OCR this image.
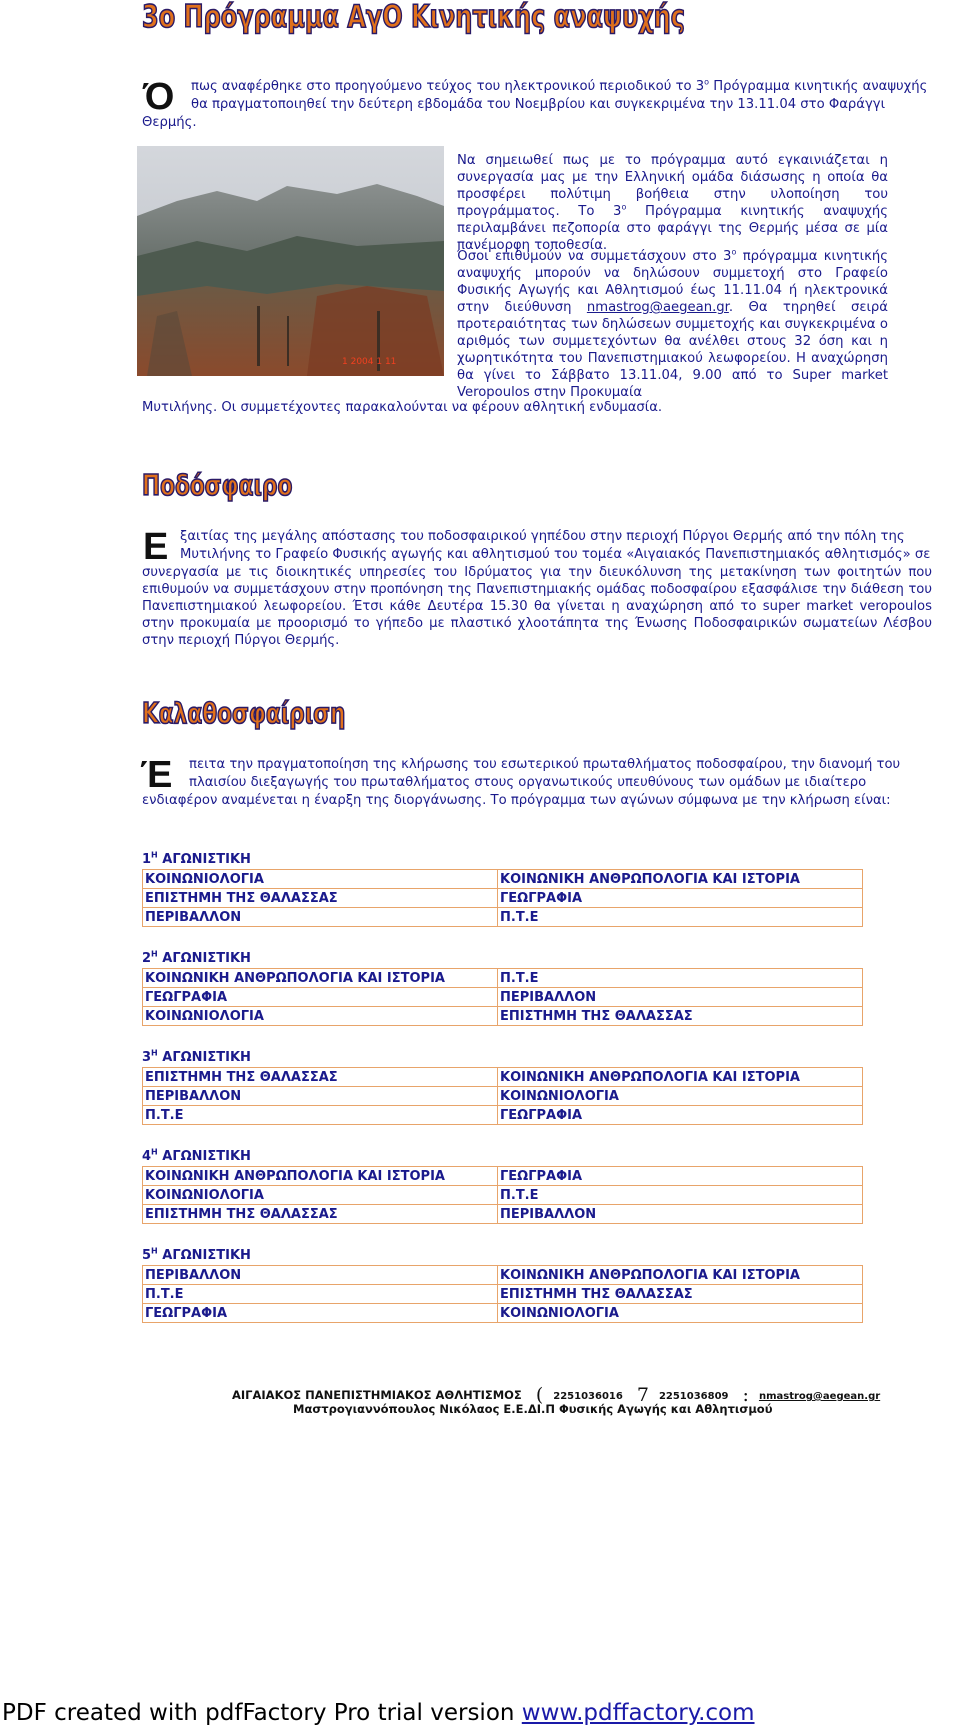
3ο Πρόγραμμα ΑγΟ Κινητικής αναψυχής
Ό πως αναφέρθηκε στο προηγούμενο τεύχος του ηλεκτρονικού περιοδικού το $3^o$ Πρόγραμμα κινητικής αναψυχής
θα πραγματοποιηθεί την δεύτερη εβδομάδα του Νοεμβρίου και συγκεκριμένα την 13.11.04 στο Φαράγγι
Θερμής.
1 2004 1 11
Να σημειωθεί πως με το πρόγραμμα αυτό εγκαινιάζεται η συνεργασία μας με την Ελληνική ομάδα διάσωσης η οποία θα προσφέρει πολύτιμη βοήθεια στην υλοποίηση του προγράμματος. Το $3^o$ Πρόγραμμα κινητικής αναψυχής περιλαμβάνει πεζοπορία στο φαράγγι της Θερμής μέσα σε μία πανέμορφη τοποθεσία.
Όσοι επιθυμούν να συμμετάσχουν στο $3^o$ πρόγραμμα κινητικής αναψυχής μπορούν να δηλώσουν συμμετοχή στο Γραφείο Φυσικής Αγωγής και Αθλητισμού έως 11.11.04 ή ηλεκτρονικά στην διεύθυνση nmastrog@aegean.gr. Θα τηρηθεί σειρά προτεραιότητας των δηλώσεων συμμετοχής και συγκεκριμένα ο αριθμός των συμμετεχόντων θα ανέλθει στους 32 όση και η χωρητικότητα του Πανεπιστημιακού λεωφορείου. Η αναχώρηση θα γίνει το Σάββατο 13.11.04, 9.00 από το Super market Veropoulos στην Προκυμαία
Μυτιλήνης. Οι συμμετέχοντες παρακαλούνται να φέρουν αθλητική ενδυμασία.
Ποδόσφαιρο
Ε ξαιτίας της μεγάλης απόστασης του ποδοσφαιρικού γηπέδου στην περιοχή Πύργοι Θερμής από την πόλη της
Μυτιλήνης το Γραφείο Φυσικής αγωγής και αθλητισμού του τομέα «Αιγαιακός Πανεπιστημιακός αθλητισμός» σε
συνεργασία με τις διοικητικές υπηρεσίες του Ιδρύματος για την διευκόλυνση της μετακίνηση των φοιτητών που επιθυμούν να συμμετάσχουν στην προπόνηση της Πανεπιστημιακής ομάδας ποδοσφαίρου εξασφάλισε την διάθεση του Πανεπιστημιακού λεωφορείου. Έτσι κάθε Δευτέρα 15.30 θα γίνεται η αναχώρηση από το super market veropoulos στην προκυμαία με προορισμό το γήπεδο με πλαστικό χλοοτάπητα της Ένωσης Ποδοσφαιρικών σωματείων Λέσβου στην περιοχή Πύργοι Θερμής.
Καλαθοσφαίριση
Έ πειτα την πραγματοποίηση της κλήρωσης του εσωτερικού πρωταθλήματος ποδοσφαίρου, την διανομή του
πλαισίου διεξαγωγής του πρωταθλήματος στους οργανωτικούς υπευθύνους των ομάδων με ιδιαίτερο
ενδιαφέρον αναμένεται η έναρξη της διοργάνωσης. Το πρόγραμμα των αγώνων σύμφωνα με την κλήρωση είναι:
$1^H$ ΑΓΩΝΙΣΤΙΚΗ
ΚΟΙΝΩΝΙΟΛΟΓΙΑ	ΚΟΙΝΩΝΙΚΗ ΑΝΘΡΩΠΟΛΟΓΙΑ ΚΑΙ ΙΣΤΟΡΙΑ
ΕΠΙΣΤΗΜΗ ΤΗΣ ΘΑΛΑΣΣΑΣ	ΓΕΩΓΡΑΦΙΑ
ΠΕΡΙΒΑΛΛΟΝ	Π.Τ.Ε
$2^H$ ΑΓΩΝΙΣΤΙΚΗ
ΚΟΙΝΩΝΙΚΗ ΑΝΘΡΩΠΟΛΟΓΙΑ ΚΑΙ ΙΣΤΟΡΙΑ	Π.Τ.Ε
ΓΕΩΓΡΑΦΙΑ	ΠΕΡΙΒΑΛΛΟΝ
ΚΟΙΝΩΝΙΟΛΟΓΙΑ	ΕΠΙΣΤΗΜΗ ΤΗΣ ΘΑΛΑΣΣΑΣ
$3^H$ ΑΓΩΝΙΣΤΙΚΗ
ΕΠΙΣΤΗΜΗ ΤΗΣ ΘΑΛΑΣΣΑΣ	ΚΟΙΝΩΝΙΚΗ ΑΝΘΡΩΠΟΛΟΓΙΑ ΚΑΙ ΙΣΤΟΡΙΑ
ΠΕΡΙΒΑΛΛΟΝ	ΚΟΙΝΩΝΙΟΛΟΓΙΑ
Π.Τ.Ε	ΓΕΩΓΡΑΦΙΑ
$4^H$ ΑΓΩΝΙΣΤΙΚΗ
ΚΟΙΝΩΝΙΚΗ ΑΝΘΡΩΠΟΛΟΓΙΑ ΚΑΙ ΙΣΤΟΡΙΑ	ΓΕΩΓΡΑΦΙΑ
ΚΟΙΝΩΝΙΟΛΟΓΙΑ	Π.Τ.Ε
ΕΠΙΣΤΗΜΗ ΤΗΣ ΘΑΛΑΣΣΑΣ	ΠΕΡΙΒΑΛΛΟΝ
$5^H$ ΑΓΩΝΙΣΤΙΚΗ
ΠΕΡΙΒΑΛΛΟΝ	ΚΟΙΝΩΝΙΚΗ ΑΝΘΡΩΠΟΛΟΓΙΑ ΚΑΙ ΙΣΤΟΡΙΑ
Π.Τ.Ε	ΕΠΙΣΤΗΜΗ ΤΗΣ ΘΑΛΑΣΣΑΣ
ΓΕΩΓΡΑΦΙΑ	ΚΟΙΝΩΝΙΟΛΟΓΙΑ
ΑΙΓΑΙΑΚΟΣ ΠΑΝΕΠΙΣΤΗΜΙΑΚΟΣ ΑΘΛΗΤΙΣΜΟΣ ( 2251036016 7 2251036809 : nmastrog@aegean.gr
Μαστρογιαννόπουλος Νικόλαος Ε.Ε.ΔΙ.Π Φυσικής Αγωγής και Αθλητισμού
PDF created with pdfFactory Pro trial version www.pdffactory.com
